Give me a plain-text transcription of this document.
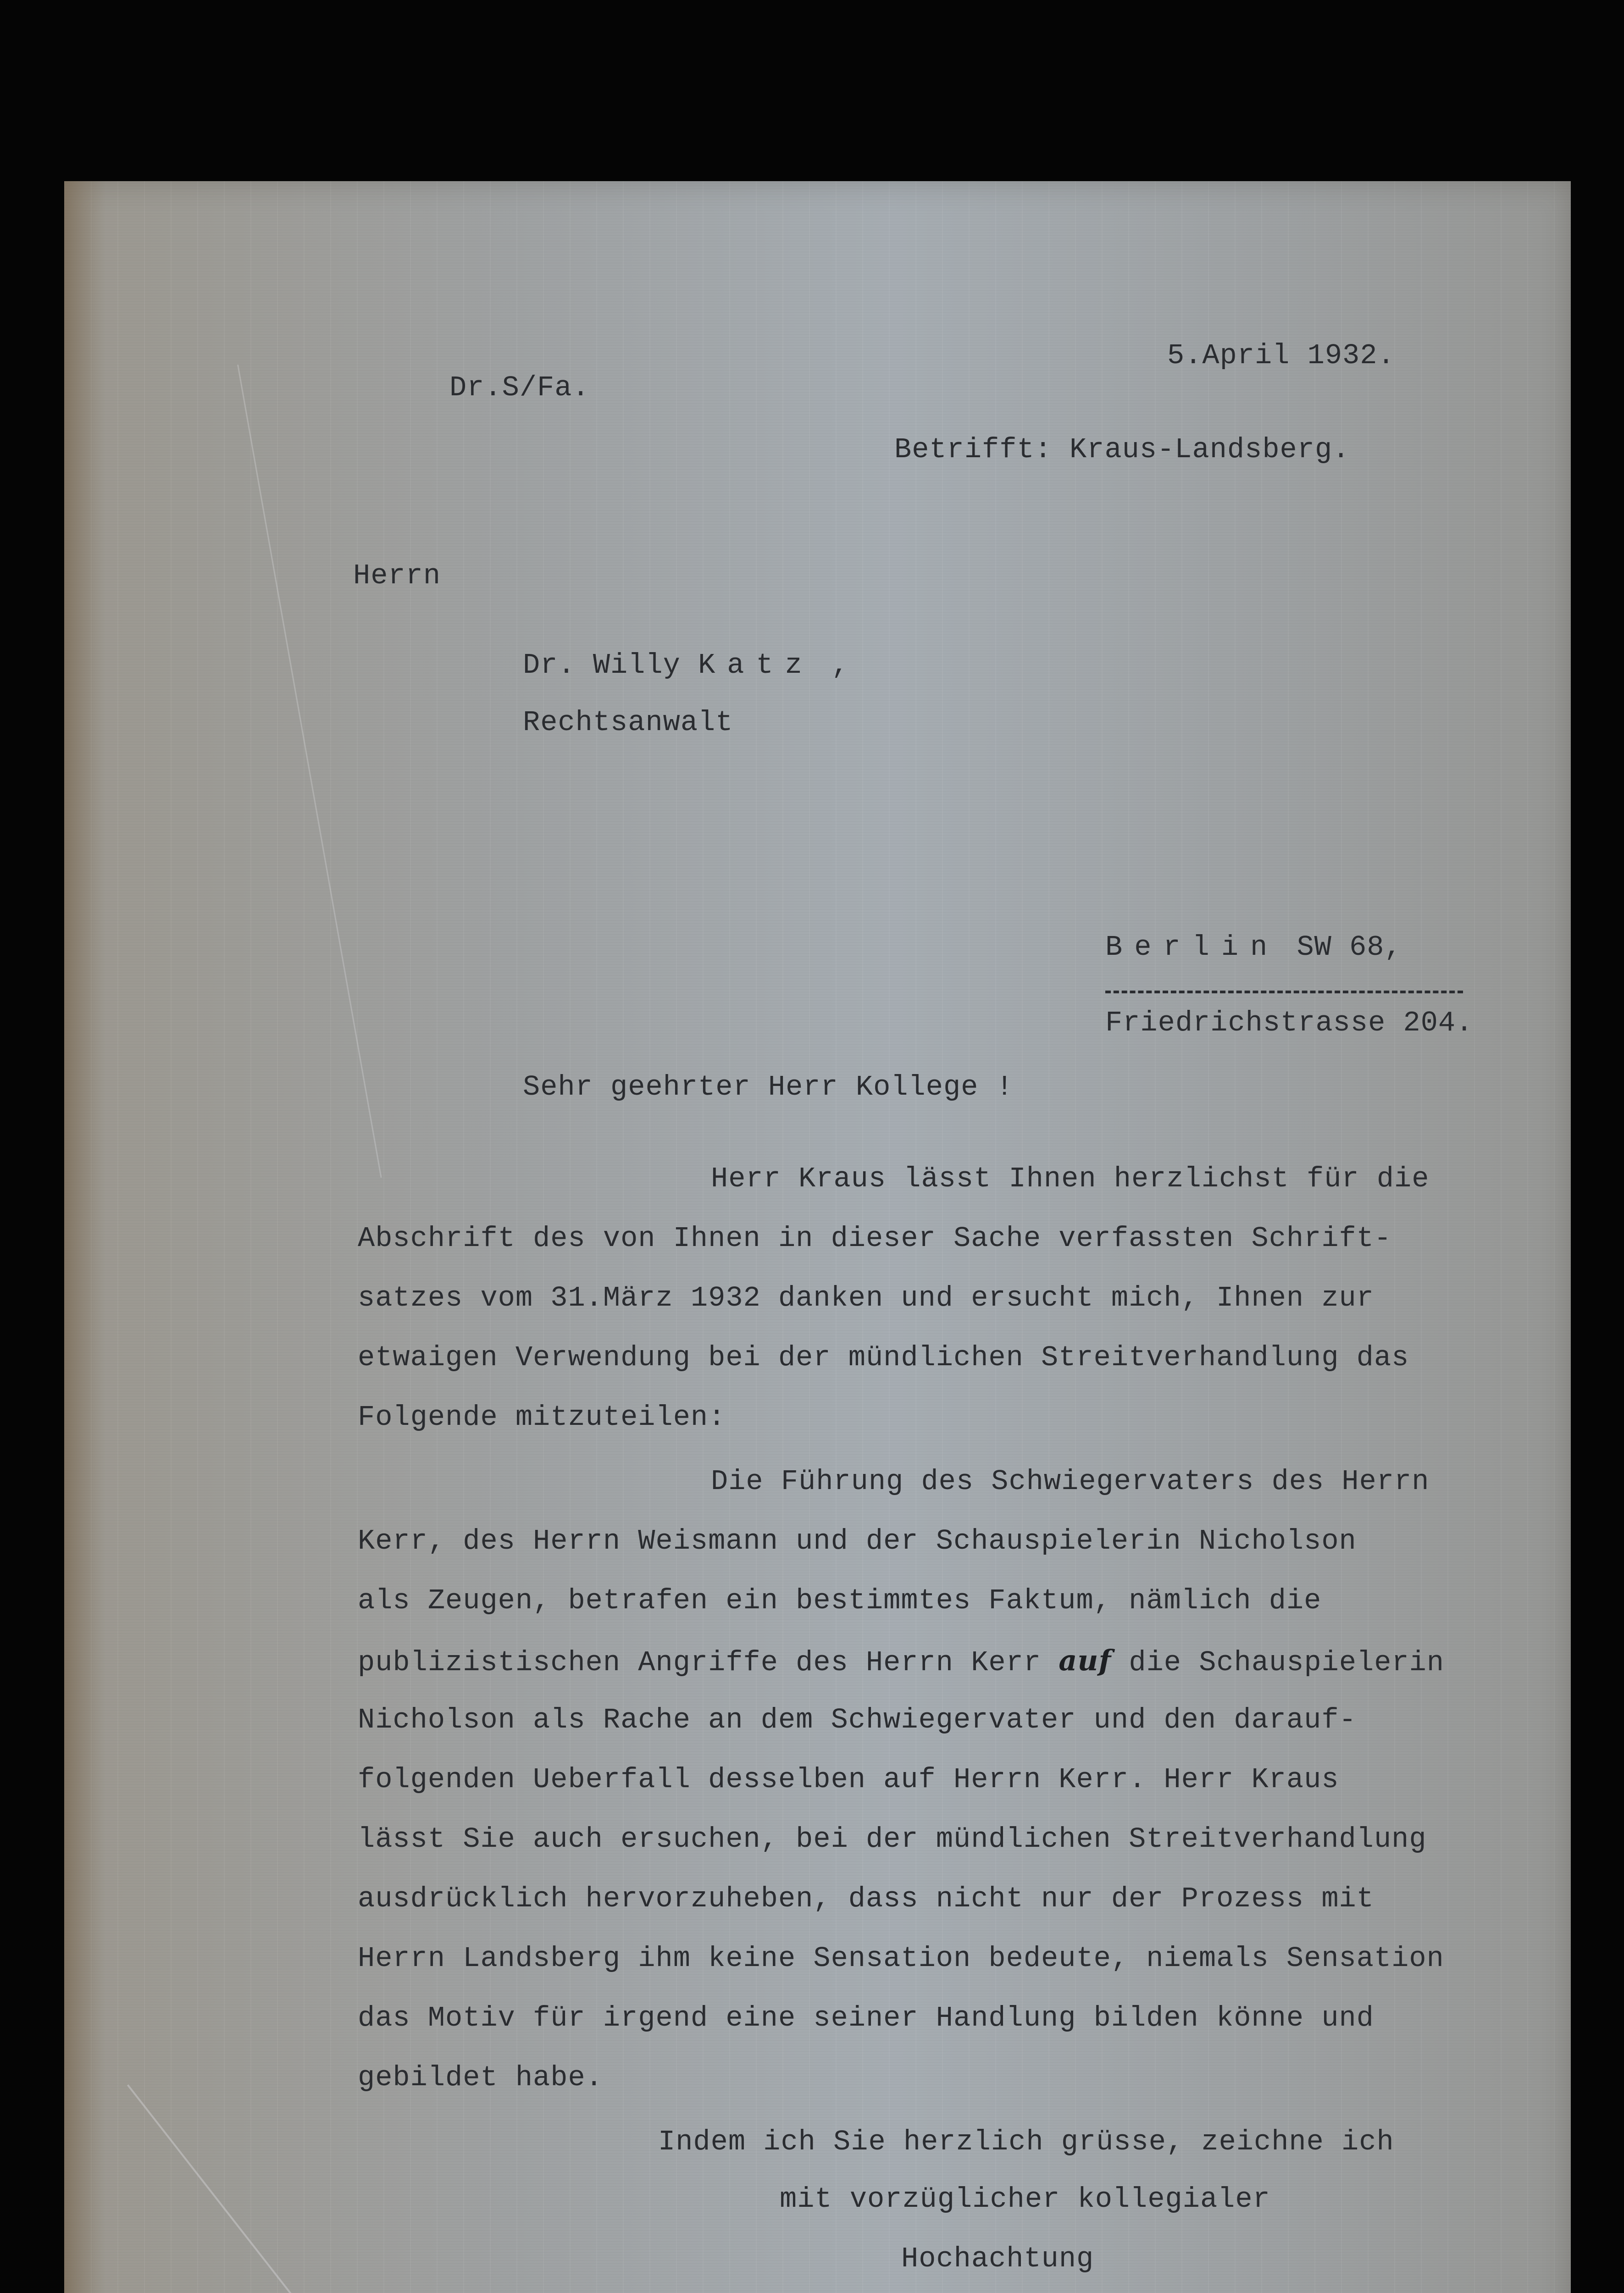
5.April 1932.

Dr.S/Fa.

Betrifft: Kraus-Landsberg.

Herrn

Dr. Willy Katz ,

Rechtsanwalt

Berlin SW 68,

Friedrichstrasse 204.

Sehr geehrter Herr Kollege !

Herr Kraus lässt Ihnen herzlichst für die

Abschrift des von Ihnen in dieser Sache verfassten Schrift-

satzes vom 31.März 1932 danken und ersucht mich, Ihnen zur

etwaigen Verwendung bei der mündlichen Streitverhandlung das

Folgende mitzuteilen:

Die Führung des Schwiegervaters des Herrn

Kerr, des Herrn Weismann und der Schauspielerin Nicholson

als Zeugen, betrafen ein bestimmtes Faktum, nämlich die

publizistischen Angriffe des Herrn Kerr auf die Schauspielerin

Nicholson als Rache an dem Schwiegervater und den darauf-

folgenden Ueberfall desselben auf Herrn Kerr. Herr Kraus

lässt Sie auch ersuchen, bei der mündlichen Streitverhandlung

ausdrücklich hervorzuheben, dass nicht nur der Prozess mit

Herrn Landsberg ihm keine Sensation bedeute, niemals Sensation

das Motiv für irgend eine seiner Handlung bilden könne und

gebildet habe.

Indem ich Sie herzlich grüsse, zeichne ich

mit vorzüglicher kollegialer

Hochachtung
